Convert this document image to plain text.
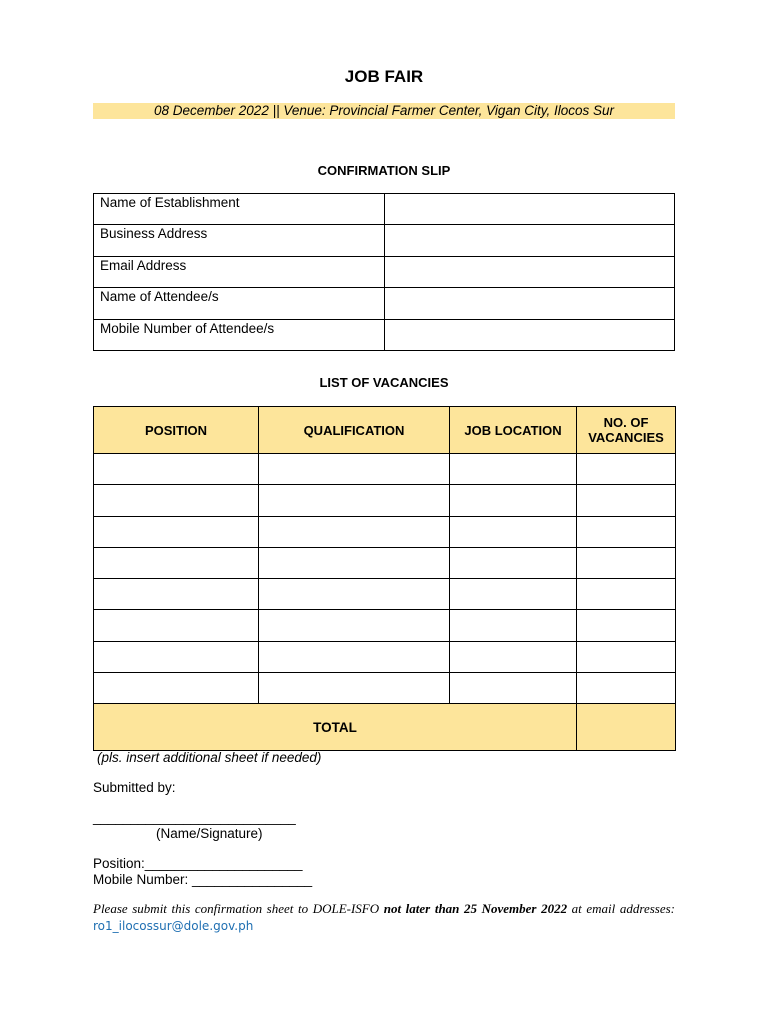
JOB FAIR
08 December 2022 || Venue: Provincial Farmer Center, Vigan City, Ilocos Sur
CONFIRMATION SLIP
Name of Establishment	
Business Address	
Email Address	
Name of Attendee/s	
Mobile Number of Attendee/s	
LIST OF VACANCIES
POSITION	QUALIFICATION	JOB LOCATION	NO. OF
VACANCIES

TOTAL			
(pls. insert additional sheet if needed)
Submitted by:
___________________________
(Name/Signature)
Position:_____________________
Mobile Number: ________________
Please submit this confirmation sheet to DOLE-ISFO not later than 25 November 2022 at email addresses:
ro1_ilocossur@dole.gov.ph
